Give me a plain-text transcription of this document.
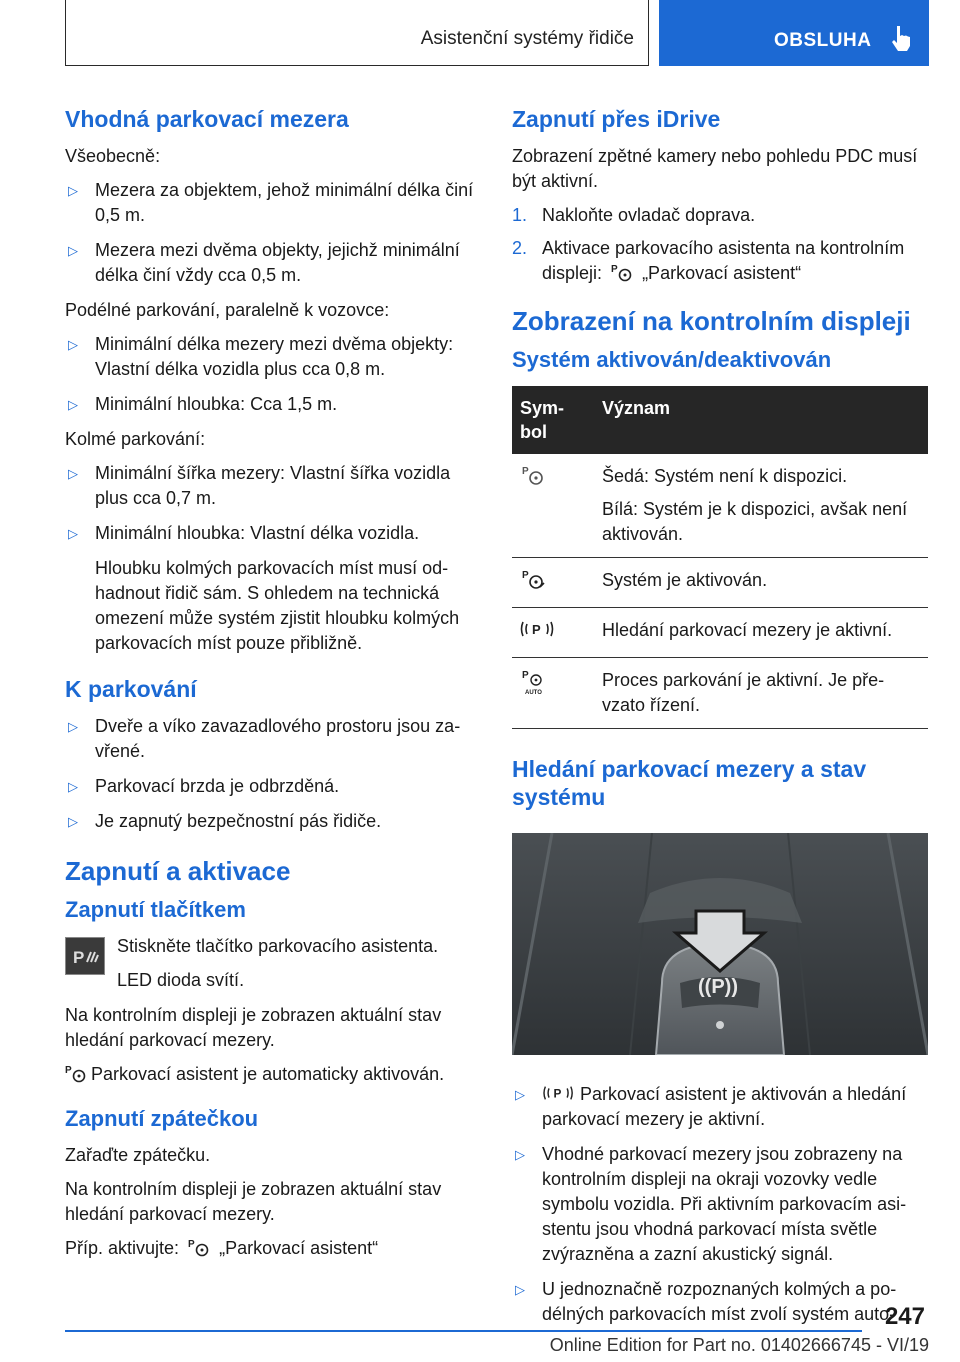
Asistenční systémy řidiče	OBSLUHA
Vhodná parkovací mezera

Všeobecně:

▷ Mezera za objektem, jehož minimální délka činí 0,5 m.
▷ Mezera mezi dvěma objekty, jejichž minimální délka činí vždy cca 0,5 m.

Podélné parkování, paralelně k vozovce:

▷ Minimální délka mezery mezi dvěma objekty: Vlastní délka vozidla plus cca 0,8 m.
▷ Minimální hloubka: Cca 1,5 m.

Kolmé parkování:

▷ Minimální šířka mezery: Vlastní šířka vozidla plus cca 0,7 m.
▷ Minimální hloubka: Vlastní délka vozidla.

Hloubku kolmých parkovacích míst musí od-hadnout řidič sám. S ohledem na technická omezení může systém zjistit hloubku kolmých parkovacích míst pouze přibližně.

K parkování
▷ Dveře a víko zavazadlového prostoru jsou za-vřené.
▷ Parkovací brzda je odbrzděná.
▷ Je zapnutý bezpečnostní pás řidiče.
Zapnutí a aktivace
Zapnutí tlačítkem
P

Stiskněte tlačítko parkovacího asistenta.

LED dioda svítí.

Na kontrolním displeji je zobrazen aktuální stav hledání parkovací mezery.

P Parkovací asistent je automaticky aktivován.

Zapnutí zpátečkou

Zařaďte zpátečku.

Na kontrolním displeji je zobrazen aktuální stav hledání parkovací mezery.

Příp. aktivujte: P „Parkovací asistent“

Zapnutí přes iDrive

Zobrazení zpětné kamery nebo pohledu PDC musí být aktivní.

1. Nakloňte ovladač doprava.
2. Aktivace parkovacího asistenta na kontrolním displeji: P „Parkovací asistent“
Zobrazení na kontrolním displeji
Systém aktivován/deaktivován
Sym-bol	Význam

P	Šedá: Systém není k dispozici.

Bílá: Systém je k dispozici, avšak není aktivován.

P	Systém je aktivován.

P	Hledání parkovací mezery je aktivní.

P
AUTO	Proces parkování je aktivní. Je pře-vzato řízení.

Hledání parkovací mezery a stav systému
((P))
▷ P Parkovací asistent je aktivován a hledání parkovací mezery je aktivní.
▷ Vhodné parkovací mezery jsou zobrazeny na kontrolním displeji na okraji vozovky vedle symbolu vozidla. Při aktivním parkovacím asi-stentu jsou vhodná parkovací místa světle zvýrazněna a zazní akustický signál.
▷ U jednoznačně rozpoznaných kolmých a po-délných parkovacích míst zvolí systém auto-
247
Online Edition for Part no. 01402666745 - VI/19
